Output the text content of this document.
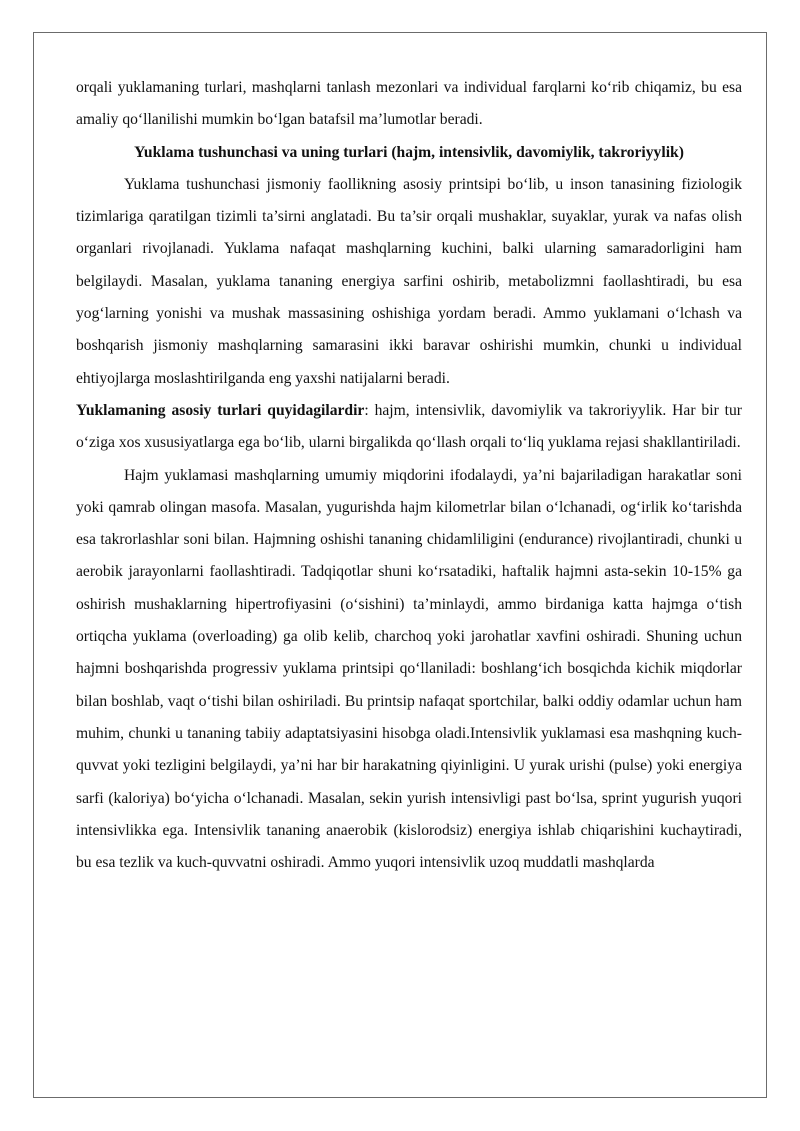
orqali yuklamaning turlari, mashqlarni tanlash mezonlari va individual farqlarni ko‘rib chiqamiz, bu esa amaliy qo‘llanilishi mumkin bo‘lgan batafsil ma’lumotlar beradi.

Yuklama tushunchasi va uning turlari (hajm, intensivlik, davomiylik, takroriyylik)

Yuklama tushunchasi jismoniy faollikning asosiy printsipi bo‘lib, u inson tanasining fiziologik tizimlariga qaratilgan tizimli ta’sirni anglatadi. Bu ta’sir orqali mushaklar, suyaklar, yurak va nafas olish organlari rivojlanadi. Yuklama nafaqat mashqlarning kuchini, balki ularning samaradorligini ham belgilaydi. Masalan, yuklama tananing energiya sarfini oshirib, metabolizmni faollashtiradi, bu esa yog‘larning yonishi va mushak massasining oshishiga yordam beradi. Ammo yuklamani o‘lchash va boshqarish jismoniy mashqlarning samarasini ikki baravar oshirishi mumkin, chunki u individual ehtiyojlarga moslashtirilganda eng yaxshi natijalarni beradi.

Yuklamaning asosiy turlari quyidagilardir: hajm, intensivlik, davomiylik va takroriyylik. Har bir tur o‘ziga xos xususiyatlarga ega bo‘lib, ularni birgalikda qo‘llash orqali to‘liq yuklama rejasi shakllantiriladi.

Hajm yuklamasi mashqlarning umumiy miqdorini ifodalaydi, ya’ni bajariladigan harakatlar soni yoki qamrab olingan masofa. Masalan, yugurishda hajm kilometrlar bilan o‘lchanadi, og‘irlik ko‘tarishda esa takrorlashlar soni bilan. Hajmning oshishi tananing chidamliligini (endurance) rivojlantiradi, chunki u aerobik jarayonlarni faollashtiradi. Tadqiqotlar shuni ko‘rsatadiki, haftalik hajmni asta-sekin 10-15% ga oshirish mushaklarning hipertrofiyasini (o‘sishini) ta’minlaydi, ammo birdaniga katta hajmga o‘tish ortiqcha yuklama (overloading) ga olib kelib, charchoq yoki jarohatlar xavfini oshiradi. Shuning uchun hajmni boshqarishda progressiv yuklama printsipi qo‘llaniladi: boshlang‘ich bosqichda kichik miqdorlar bilan boshlab, vaqt o‘tishi bilan oshiriladi. Bu printsip nafaqat sportchilar, balki oddiy odamlar uchun ham muhim, chunki u tananing tabiiy adaptatsiyasini hisobga oladi.Intensivlik yuklamasi esa mashqning kuch-quvvat yoki tezligini belgilaydi, ya’ni har bir harakatning qiyinligini. U yurak urishi (pulse) yoki energiya sarfi (kaloriya) bo‘yicha o‘lchanadi. Masalan, sekin yurish intensivligi past bo‘lsa, sprint yugurish yuqori intensivlikka ega. Intensivlik tananing anaerobik (kislorodsiz) energiya ishlab chiqarishini kuchaytiradi, bu esa tezlik va kuch-quvvatni oshiradi. Ammo yuqori intensivlik uzoq muddatli mashqlarda
